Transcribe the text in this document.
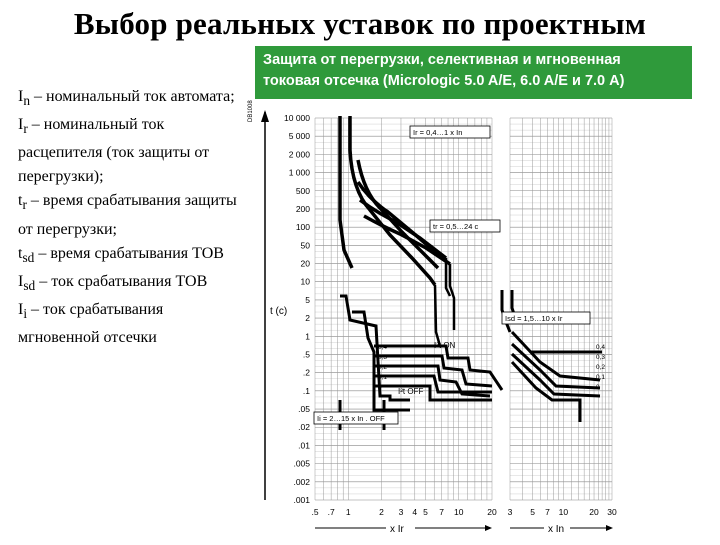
Выбор реальных уставок по проектным
$I_n$ – номинальный ток автомата;
$I_r$ – номинальный ток расцепителя (ток защиты от перегрузки);
$t_r$ – время срабатывания защиты от перегрузки;
$t_{sd}$ – время срабатывания ТОВ
$I_{sd}$ – ток срабатывания ТОВ
$I_i$ – ток срабатывания мгновенной отсечки
Защита от перегрузки, селективная и мгновенная
токовая отсечка (Micrologic 5.0 A/E, 6.0 A/E и 7.0 A)
DB100822
t (c)
10 000
5 000
2 000
1 000
500
200
100
50
20
10
5
2
1
.5
.2
.1
.05
.02
.01
.005
.002
.001
.5 .7 1	2 3 4 5 7 10	20 3 5 7 10 20 30
Ir = 0,4…1 x In
tr = 0,5…24 c
Isd = 1,5…10 x Ir
I²t ON
I²t OFF
Ii = 2…15 x In . OFF
0,4
0,3
0,2
0,1
0
0,4
0,3
0,2
0,1
0
x Ir	x In
